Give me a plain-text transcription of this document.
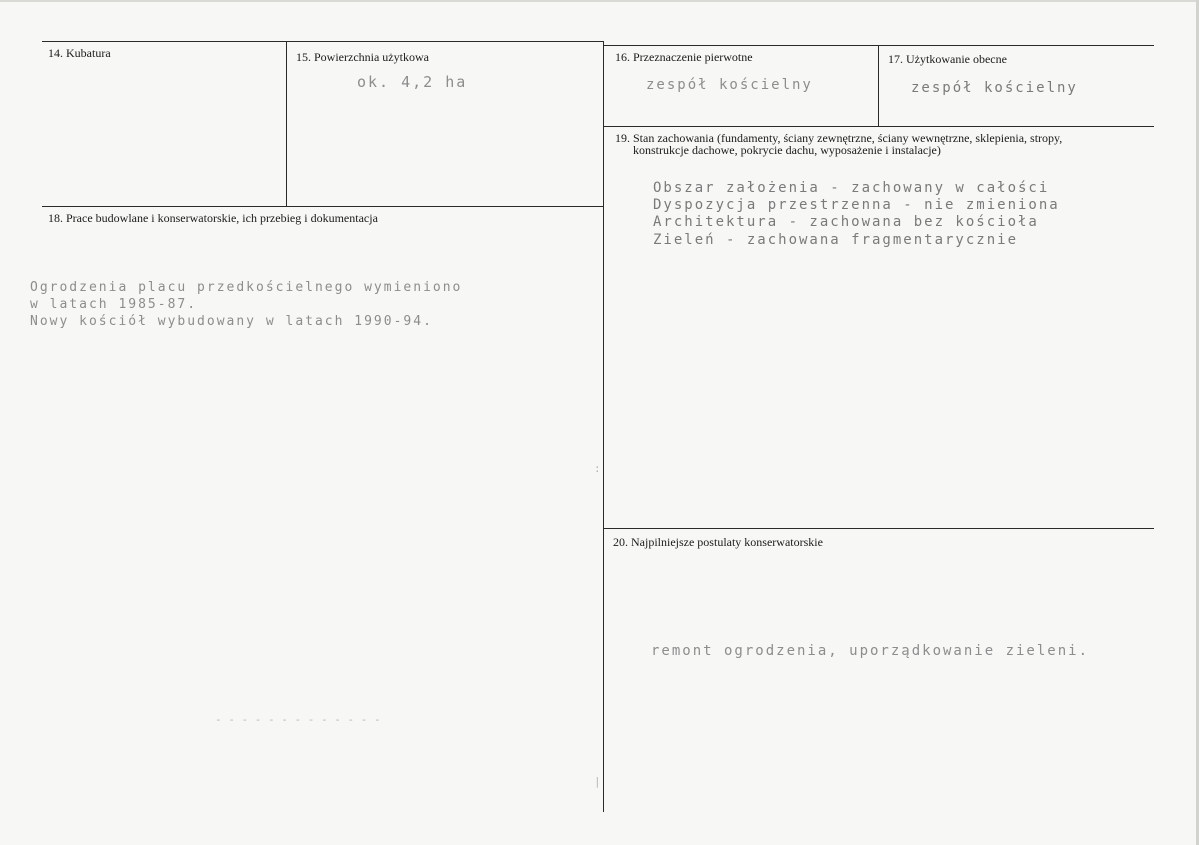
14. Kubatura	15. Powierzchnia użytkowa
ok. 4,2 ha
16. Przeznaczenie pierwotne
zespół kościelny
17. Użytkowanie obecne
zespół kościelny
19. Stan zachowania (fundamenty, ściany zewnętrzne, ściany wewnętrzne, sklepienia, stropy,
konstrukcje dachowe, pokrycie dachu, wyposażenie i instalacje)
Obszar założenia - zachowany w całości
Dyspozycja przestrzenna - nie zmieniona
Architektura - zachowana bez kościoła
Zieleń - zachowana fragmentarycznie
18. Prace budowlane i konserwatorskie, ich przebieg i dokumentacja
Ogrodzenia placu przedkościelnego wymieniono
w latach 1985-87.
Nowy kościół wybudowany w latach 1990-94.
20. Najpilniejsze postulaty konserwatorskie
remont ogrodzenia, uporządkowanie zieleni.
- - - - - - - - - - - - -
:
|
